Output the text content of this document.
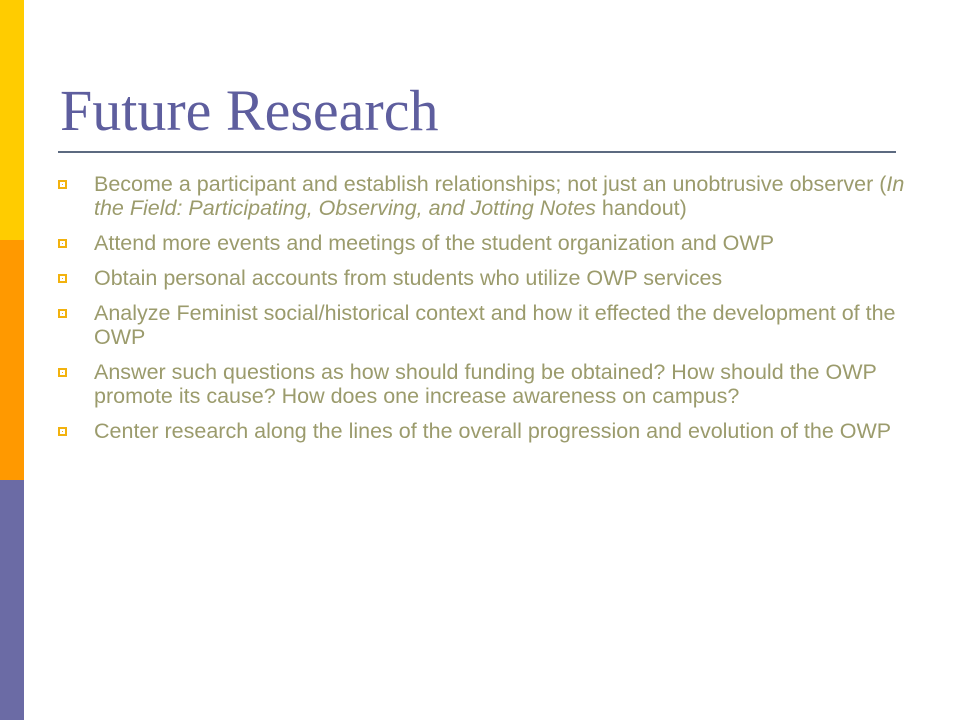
Future Research
Become a participant and establish relationships; not just an unobtrusive observer (In the Field: Participating, Observing, and Jotting Notes handout)
Attend more events and meetings of the student organization and OWP
Obtain personal accounts from students who utilize OWP services
Analyze Feminist social/historical context and how it effected the development of the OWP
Answer such questions as how should funding be obtained? How should the OWP promote its cause? How does one increase awareness on campus?
Center research along the lines of the overall progression and evolution of the OWP
